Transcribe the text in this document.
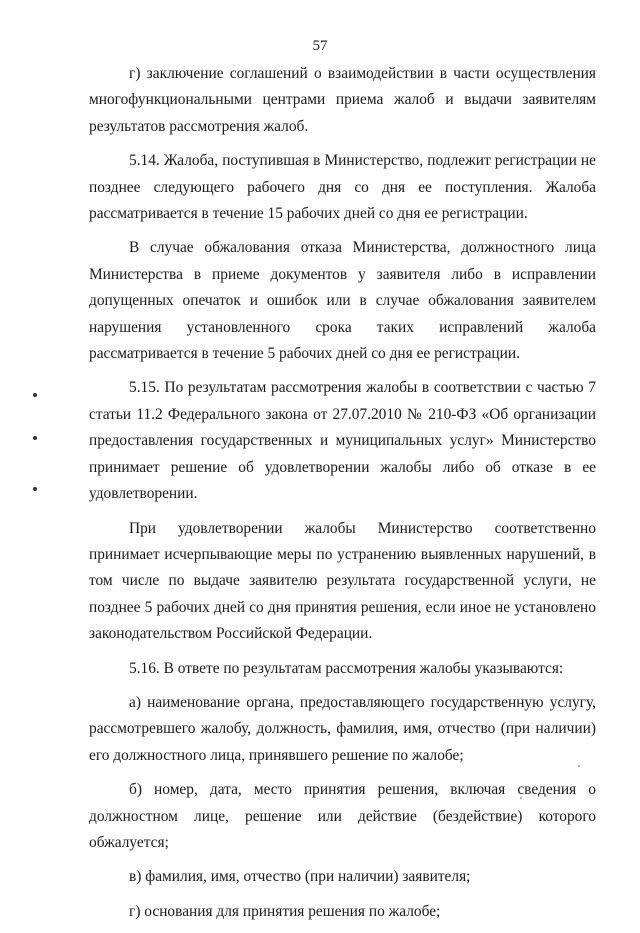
57

г) заключение соглашений о взаимодействии в части осуществления многофункциональными центрами приема жалоб и выдачи заявителям результатов рассмотрения жалоб.

5.14. Жалоба, поступившая в Министерство, подлежит регистрации не позднее следующего рабочего дня со дня ее поступления. Жалоба рассматривается в течение 15 рабочих дней со дня ее регистрации.

В случае обжалования отказа Министерства, должностного лица Министерства в приеме документов у заявителя либо в исправлении допущенных опечаток и ошибок или в случае обжалования заявителем нарушения установленного срока таких исправлений жалоба рассматривается в течение 5 рабочих дней со дня ее регистрации.

5.15. По результатам рассмотрения жалобы в соответствии с частью 7 статьи 11.2 Федерального закона от 27.07.2010 № 210-ФЗ «Об организации предоставления государственных и муниципальных услуг» Министерство принимает решение об удовлетворении жалобы либо об отказе в ее удовлетворении.

При удовлетворении жалобы Министерство соответственно принимает исчерпывающие меры по устранению выявленных нарушений, в том числе по выдаче заявителю результата государственной услуги, не позднее 5 рабочих дней со дня принятия решения, если иное не установлено законодательством Российской Федерации.

5.16. В ответе по результатам рассмотрения жалобы указываются:

а) наименование органа, предоставляющего государственную услугу, рассмотревшего жалобу, должность, фамилия, имя, отчество (при наличии) его должностного лица, принявшего решение по жалобе;

б) номер, дата, место принятия решения, включая сведения о должностном лице, решение или действие (бездействие) которого обжалуется;

в) фамилия, имя, отчество (при наличии) заявителя;

г) основания для принятия решения по жалобе;
